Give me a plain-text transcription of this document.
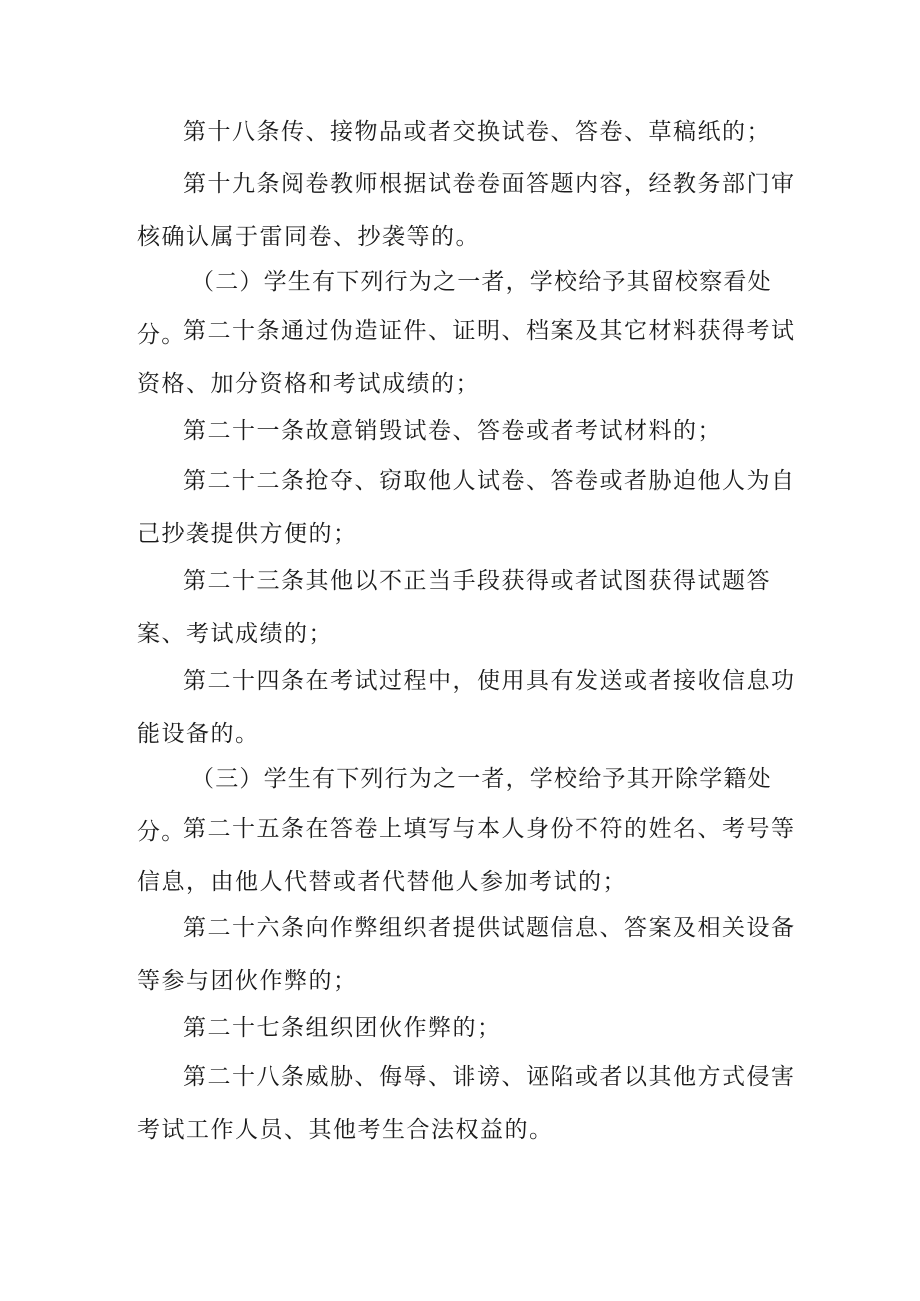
第十八条传、接物品或者交换试卷、答卷、草稿纸的；

第十九条阅卷教师根据试卷卷面答题内容，经教务部门审核确认属于雷同卷、抄袭等的。

（二）学生有下列行为之一者，学校给予其留校察看处分。

第二十条通过伪造证件、证明、档案及其它材料获得考试资格、加分资格和考试成绩的；

第二十一条故意销毁试卷、答卷或者考试材料的；

第二十二条抢夺、窃取他人试卷、答卷或者胁迫他人为自己抄袭提供方便的；

第二十三条其他以不正当手段获得或者试图获得试题答案、考试成绩的；

第二十四条在考试过程中，使用具有发送或者接收信息功能设备的。

（三）学生有下列行为之一者，学校给予其开除学籍处分。

第二十五条在答卷上填写与本人身份不符的姓名、考号等信息，由他人代替或者代替他人参加考试的；

第二十六条向作弊组织者提供试题信息、答案及相关设备等参与团伙作弊的；

第二十七条组织团伙作弊的；

第二十八条威胁、侮辱、诽谤、诬陷或者以其他方式侵害考试工作人员、其他考生合法权益的。
